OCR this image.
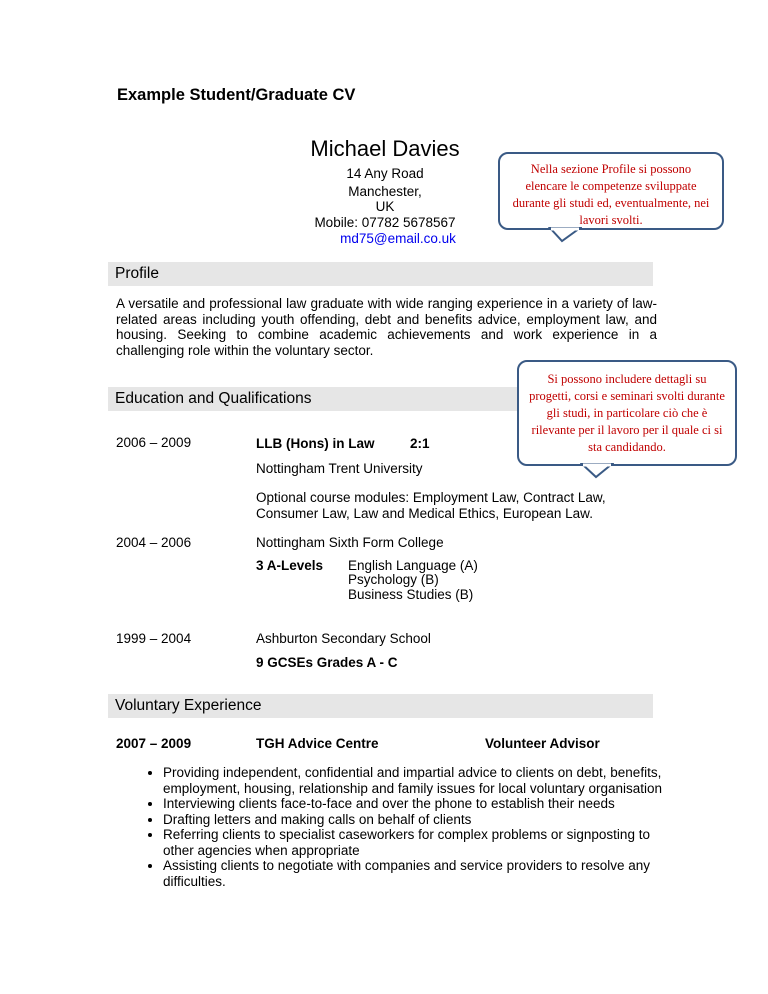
Example Student/Graduate CV
Michael Davies
14 Any Road
Manchester,
UK
Mobile: 07782 5678567
md75@email.co.uk
Nella sezione Profile si possono elencare le competenze sviluppate durante gli studi ed, eventualmente, nei lavori svolti.
Profile
A versatile and professional law graduate with wide ranging experience in a variety of law-related areas including youth offending, debt and benefits advice, employment law, and housing. Seeking to combine academic achievements and work experience in a challenging role within the voluntary sector.
Education and Qualifications
Si possono includere dettagli su progetti, corsi e seminari svolti durante gli studi, in particolare ciò che è rilevante per il lavoro per il quale ci si sta candidando.
2006 – 2009	LLB (Hons) in Law	2:1
Nottingham Trent University
Optional course modules: Employment Law, Contract Law,
Consumer Law, Law and Medical Ethics, European Law.
2004 – 2006	Nottingham Sixth Form College
3 A-Levels English Language (A)
Psychology (B)
Business Studies (B)
1999 – 2004	Ashburton Secondary School
9 GCSEs Grades A - C
Voluntary Experience
2007 – 2009	TGH Advice Centre	Volunteer Advisor
• Providing independent, confidential and impartial advice to clients on debt, benefits, employment, housing, relationship and family issues for local voluntary organisation
• Interviewing clients face-to-face and over the phone to establish their needs
• Drafting letters and making calls on behalf of clients
• Referring clients to specialist caseworkers for complex problems or signposting to other agencies when appropriate
• Assisting clients to negotiate with companies and service providers to resolve any difficulties.
